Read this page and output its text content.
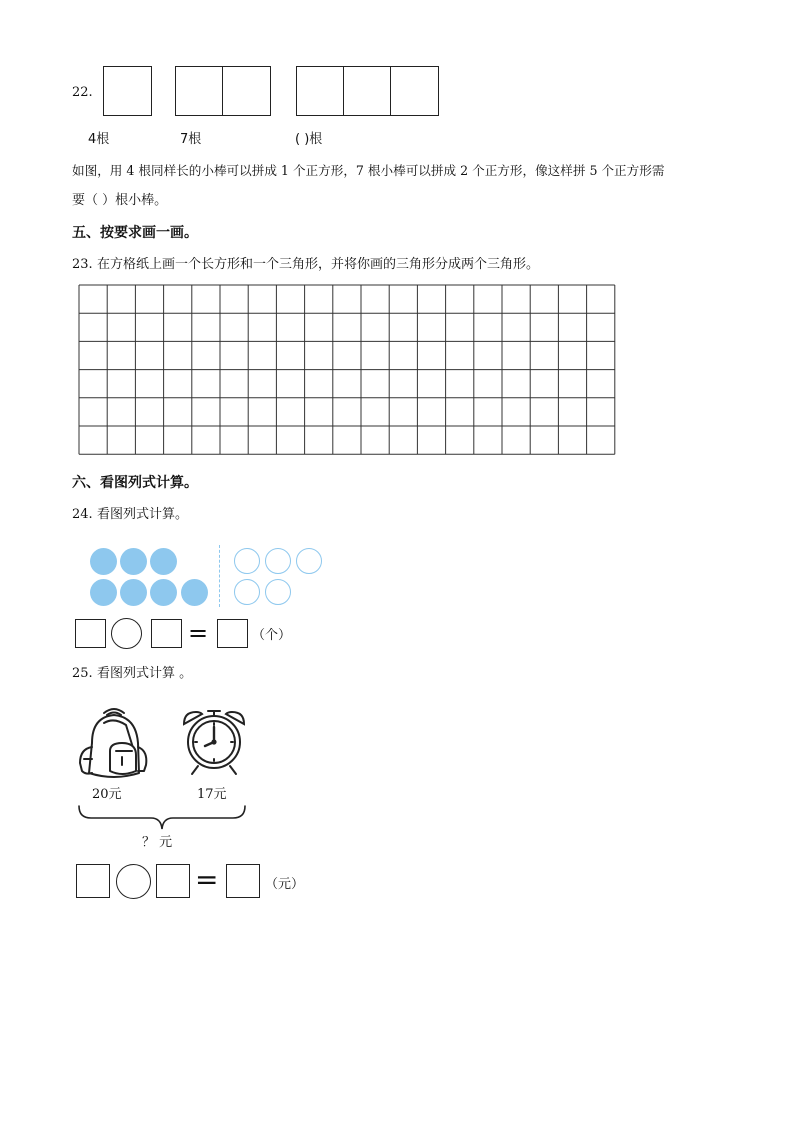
22.
4根	7根	( )根
如图，用 4 根同样长的小棒可以拼成 1 个正方形，7 根小棒可以拼成 2 个正方形，像这样拼 5 个正方形需
要（ ）根小棒。
五、按要求画一画。
23. 在方格纸上画一个长方形和一个三角形，并将你画的三角形分成两个三角形。
六、看图列式计算。
24. 看图列式计算。
=	（个）
25. 看图列式计算 。
20元	17元
？ 元
=	（元）
